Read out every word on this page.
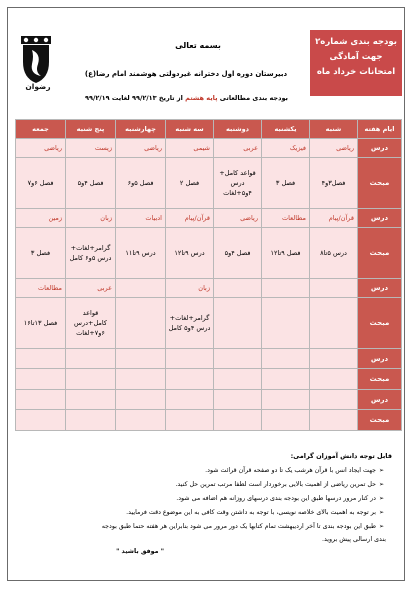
بودجه بندی شماره۲
جهت آمادگی
امتحانات خرداد ماه
رضوان
بسمه تعالی
دبیرستان دوره اول دخترانه غیردولتی هوشمند امام رضا(ع)
بودجه بندی مطالعاتی پایه هشتم از تاریخ ۹۹/۲/۱۳ لغایت ۹۹/۲/۱۹
ایام هفته	شنبه	یکشنبه	دوشنبه	سه شنبه	چهارشنبه	پنج شنبه	جمعه
درس	ریاضی	فیزیک	عربی	شیمی	ریاضی	زیست	ریاضی

مبحث	فصل۳و۴	فصل ۳	قواعد کامل+ درس ۴و۵+لغات	فصل ۲	فصل ۵و۶	فصل ۴و۵	فصل ۶و۷

درس	قرآن/پیام	مطالعات	ریاضی	قرآن/پیام	ادبیات	زبان	زمین

مبحث	درس ۵تا۸	فصل ۹تا۱۲	فصل ۴و۵	درس ۹تا۱۲	درس ۹تا۱۱	گرامر+لغات+ درس ۵و۶ کامل	فصل ۳

درس				زبان		عربی	مطالعات

مبحث				گرامر+لغات+ درس ۴و۵ کامل		قواعد کامل+درس ۶و۷+لغات	فصل ۱۳تا۱۶

درس							
مبحث							
درس							
مبحث							
قابل توجه دانش آموزان گرامی:
➢ جهت ایجاد انس با قرآن هرشب یک تا دو صفحه قرآن قرائت شود.
➢ حل تمرین ریاضی از اهمیت بالایی برخوردار است لطفا مرتب تمرین حل کنید.
➢ در کنار مرور درسها طبق این بودجه بندی درسهای روزانه هم اضافه می شود.
➢ بر توجه به اهمیت بالای خلاصه نویسی، با توجه به داشتن وقت کافی به این موضوع دقت فرمایید.
➢ طبق این بودجه بندی تا آخر اردیبهشت تمام کتابها یک دور مرور می شود بنابراین هر هفته حتما طبق بودجه
بندی ارسالی پیش بروید.
" موفق باشید "
